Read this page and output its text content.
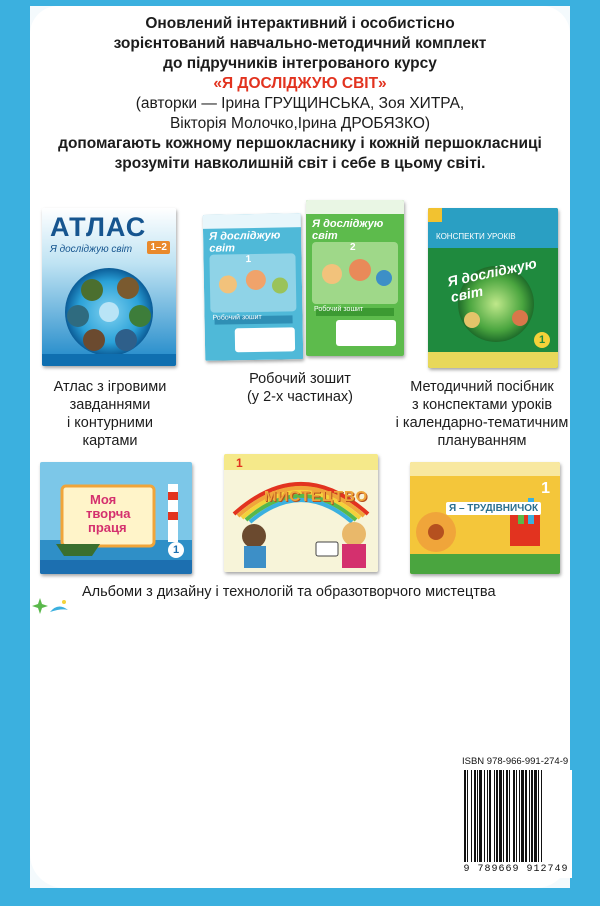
Оновлений інтерактивний і особистісно
зорієнтований навчально-методичний комплект
до підручників інтегрованого курсу
«Я ДОСЛІДЖУЮ СВІТ»
(авторки — Ірина ГРУЩИНСЬКА, Зоя ХИТРА,
Вікторія Молочко,Ірина ДРОБЯЗКО)
допомагають кожному першокласнику і кожній першокласниці
зрозуміти навколишній світ і себе в цьому світі.
АТЛАС
Я досліджую світ	1–2
Атлас з ігровими
завданнями
і контурними
картами
Я досліджую світ
Робочий зошит
1
Я досліджую світ
Робочий зошит
2
Робочий зошит
(у 2-х частинах)
КОНСПЕКТИ УРОКІВ
Я досліджую світ
1
Методичний посібник
з конспектами уроків
і календарно-тематичним
плануванням
Моя
творча
праця
1
МИСТЕЦТВО
1
Я – ТРУДІВНИЧОК
1
Альбоми з дизайну і технологій та образотворчого мистецтва
ISBN 978-966-991-274-9
9 789669 912749
